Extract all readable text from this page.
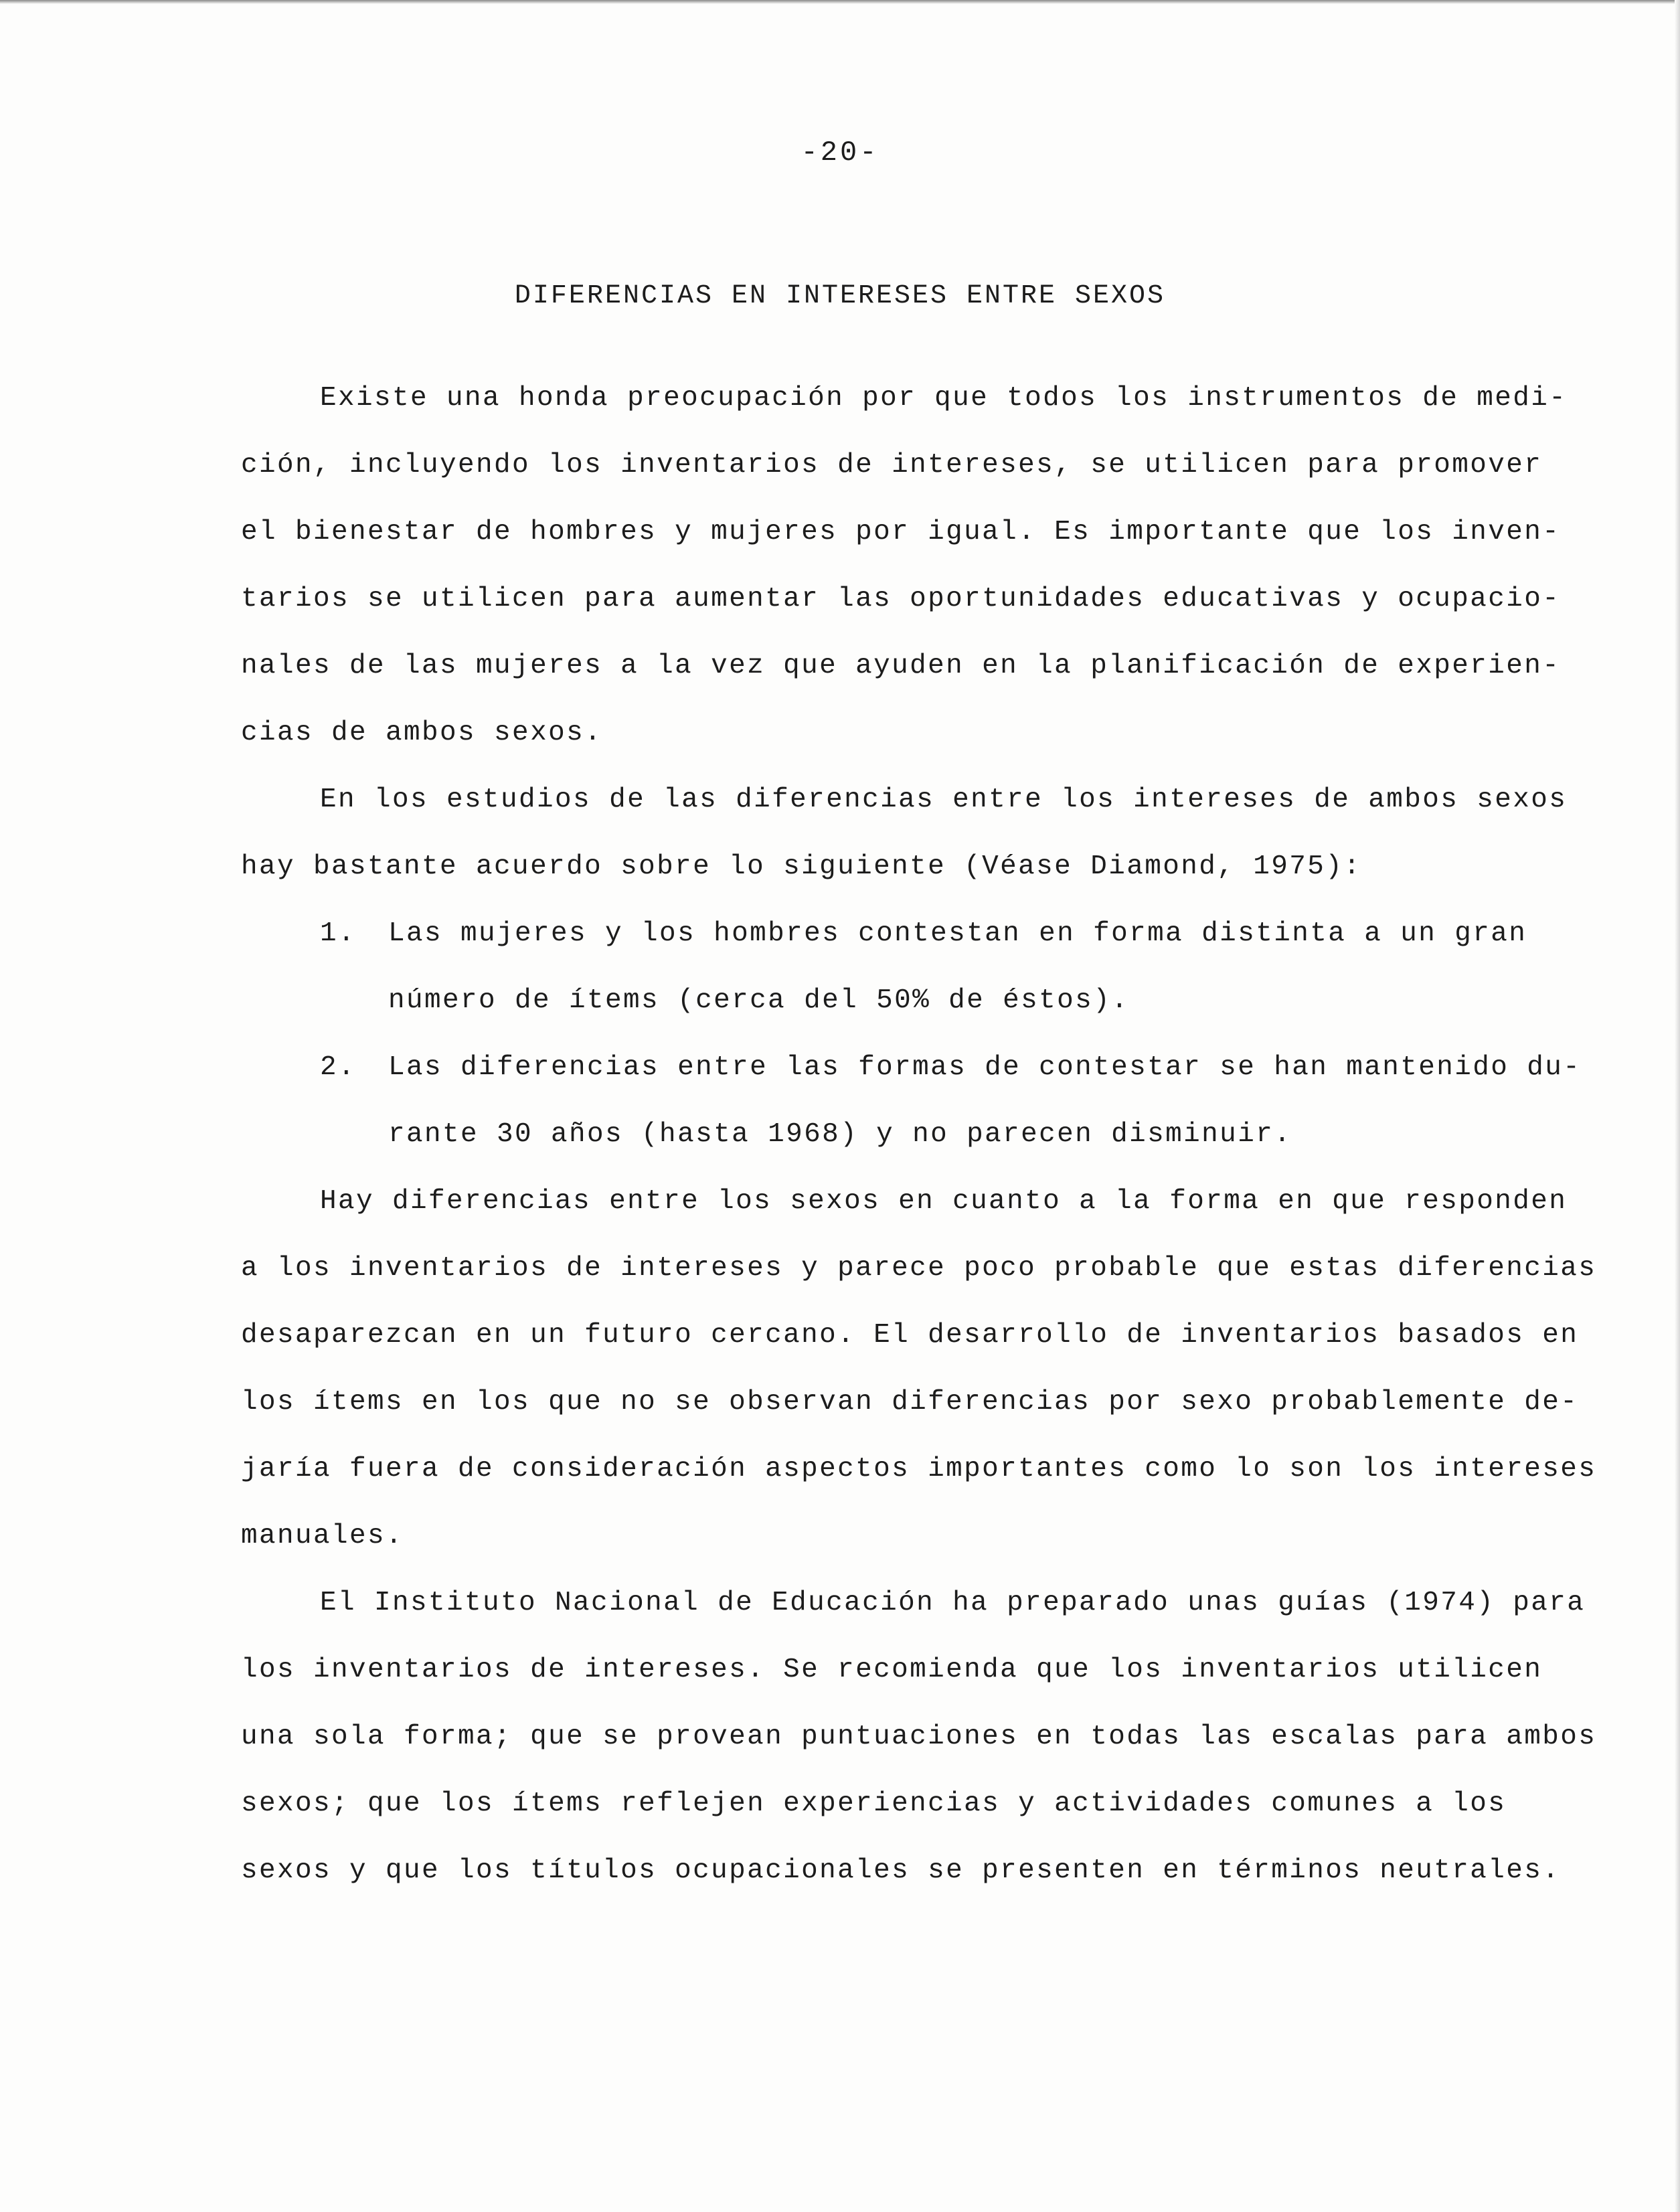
-20-
DIFERENCIAS EN INTERESES ENTRE SEXOS
Existe una honda preocupación por que todos los instrumentos de medi-
ción, incluyendo los inventarios de intereses, se utilicen para promover
el bienestar de hombres y mujeres por igual. Es importante que los inven-
tarios se utilicen para aumentar las oportunidades educativas y ocupacio-
nales de las mujeres a la vez que ayuden en la planificación de experien-
cias de ambos sexos.
En los estudios de las diferencias entre los intereses de ambos sexos
hay bastante acuerdo sobre lo siguiente (Véase Diamond, 1975):
1. Las mujeres y los hombres contestan en forma distinta a un gran
número de ítems (cerca del 50% de éstos).
2. Las diferencias entre las formas de contestar se han mantenido du-
rante 30 años (hasta 1968) y no parecen disminuir.
Hay diferencias entre los sexos en cuanto a la forma en que responden
a los inventarios de intereses y parece poco probable que estas diferencias
desaparezcan en un futuro cercano. El desarrollo de inventarios basados en
los ítems en los que no se observan diferencias por sexo probablemente de-
jaría fuera de consideración aspectos importantes como lo son los intereses
manuales.
El Instituto Nacional de Educación ha preparado unas guías (1974) para
los inventarios de intereses. Se recomienda que los inventarios utilicen
una sola forma; que se provean puntuaciones en todas las escalas para ambos
sexos; que los ítems reflejen experiencias y actividades comunes a los
sexos y que los títulos ocupacionales se presenten en términos neutrales.
